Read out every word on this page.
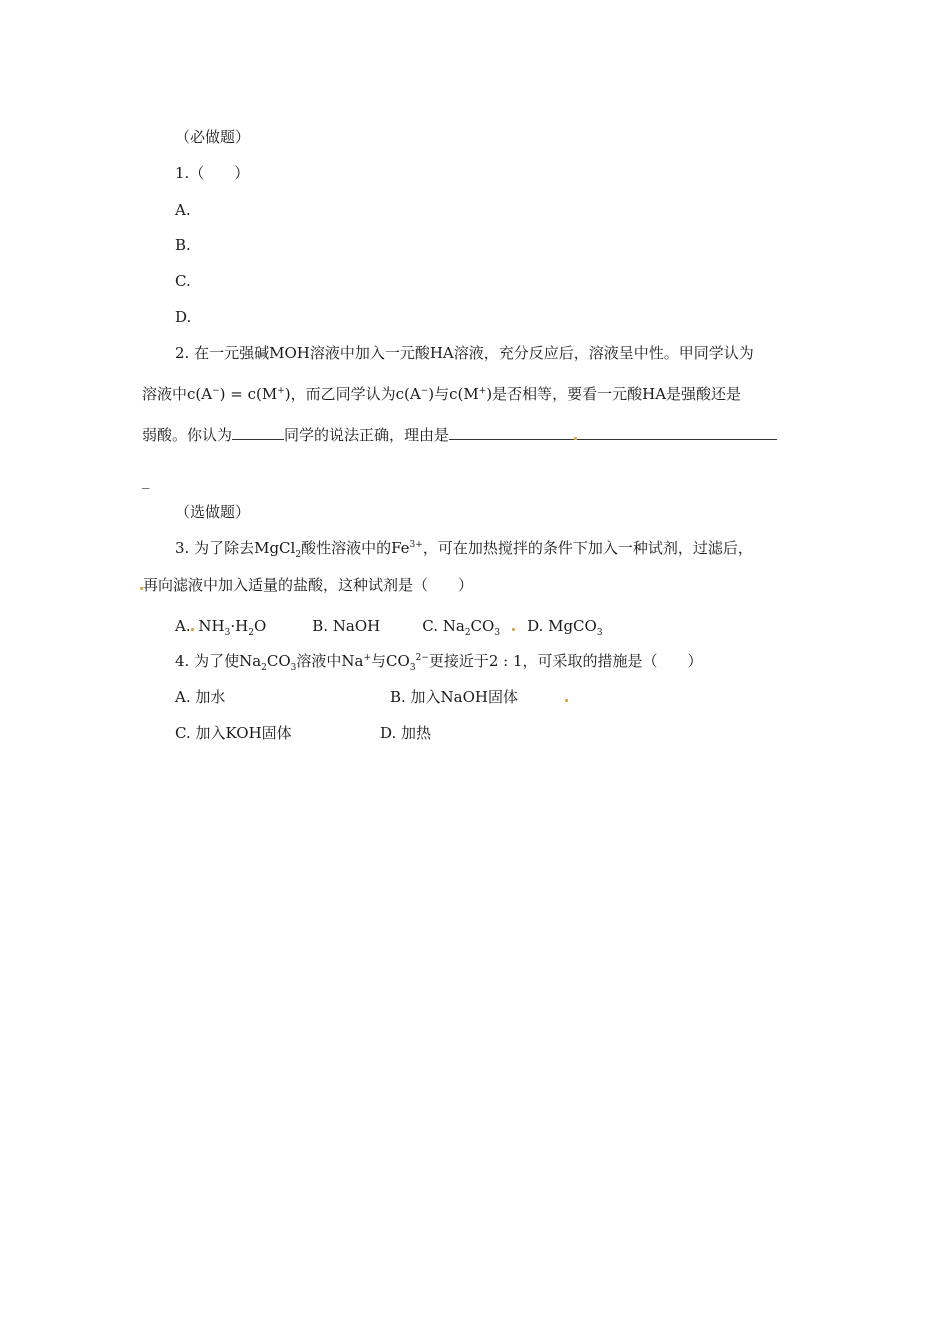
（必做题）
1.（　　）
A.
B.
C.
D.
2. 在一元强碱MOH溶液中加入一元酸HA溶液，充分反应后，溶液呈中性。甲同学认为
溶液中c(A−) = c(M+)，而乙同学认为c(A−)与c(M+)是否相等，要看一元酸HA是强酸还是
弱酸。你认为	同学的说法正确，理由是
_
（选做题）
3. 为了除去MgCl$_2$酸性溶液中的$Fe^{3+}$，可在加热搅拌的条件下加入一种试剂，过滤后，
再向滤液中加入适量的盐酸，这种试剂是（　　）
A. $NH_3\cdot H_2O$	B. NaOH	C. $Na_2CO_3$ D. MgCO$_3$
4. 为了使$Na_2CO_3$溶液中Na+与$CO_3^{2-}$更接近于2 : 1，可采取的措施是（　　）
A. 加水	B. 加入NaOH固体
C. 加入KOH固体	D. 加热
